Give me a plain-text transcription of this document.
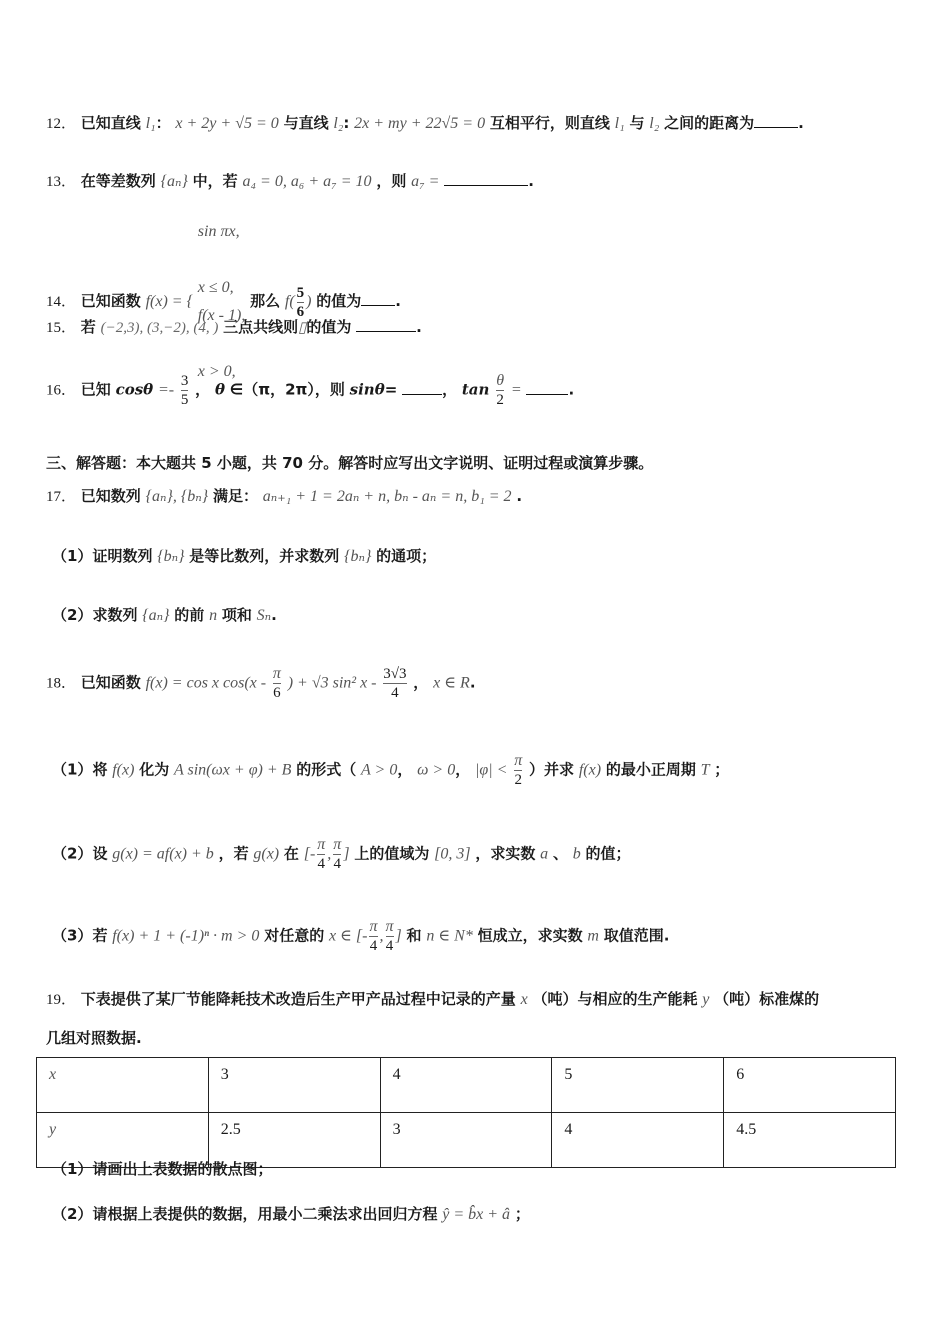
12． 已知直线 l₁： x + 2y + √5 = 0 与直线 l₂: 2x + my + 22√5 = 0 互相平行，则直线 l₁ 与 l₂ 之间的距离为	.
13． 在等差数列 {aₙ} 中，若 a₄ = 0, a₆ + a₇ = 10 ，则 a₇ =	.
14． 已知函数 f(x) = {
sin πx,

x ≤ 0,
f(x - 1),

x > 0,
那么 $f( \frac{5}{6}$ ) 的值为 .
15． 若 (−2,3), (3,−2), (4, ) 三点共线则▯的值为	.
16． 已知 $\cos\theta =- \frac{3}{5}$ ， θ ∈（π，2π），则 sinθ=	， $\tan \frac{\theta}{2}$ =	.
三、解答题：本大题共 5 小题，共 70 分。解答时应写出文字说明、证明过程或演算步骤。
17． 已知数列 {aₙ}, {bₙ} 满足： aₙ₊₁ + 1 = 2aₙ + n, bₙ - aₙ = n, b₁ = 2 .
（1）证明数列 {bₙ} 是等比数列，并求数列 {bₙ} 的通项；
（2）求数列 {aₙ} 的前 n 项和 Sₙ.
18． 已知函数 f(x) = cos x $\cos(x - \frac{\pi}{6}$ ) + √3 sin² x - $\frac{3√3}{4}$ ， x ∈ R.
（1）将 f(x) 化为 A sin(ωx + φ) + B 的形式（ A > 0， ω > 0， $|\varphi| < \frac{\pi}{2}$ ）并求 f(x) 的最小正周期 T ；
（2）设 g(x) = af(x) + b ，若 g(x) 在 [- $\frac{\pi}{4}$ , $\frac{\pi}{4}$ ] 上的值域为 [0, 3] ，求实数 a 、 b 的值；
（3）若 f(x) + 1 + (-1)ⁿ · m > 0 对任意的 x ∈ [- $\frac{\pi}{4}$ , $\frac{\pi}{4}$ ] 和 n ∈ N* 恒成立，求实数 m 取值范围.
19． 下表提供了某厂节能降耗技术改造后生产甲产品过程中记录的产量 x （吨）与相应的生产能耗 y （吨）标准煤的
几组对照数据.
x	3	4	5	6
y	2.5	3	4	4.5
（1）请画出上表数据的散点图；
（2）请根据上表提供的数据，用最小二乘法求出回归方程 ŷ = b̂x + â ；
